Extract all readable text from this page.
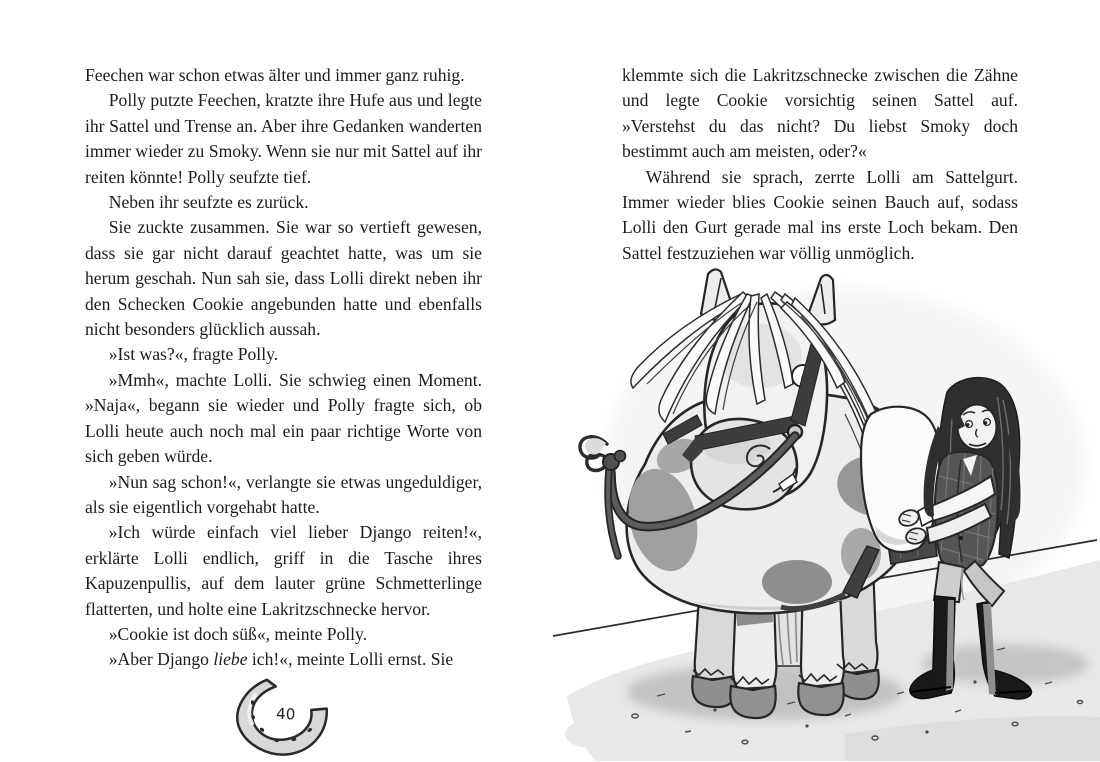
Feechen war schon etwas älter und immer ganz ruhig.

Polly putzte Feechen, kratzte ihre Hufe aus und legte ihr Sattel und Trense an. Aber ihre Gedanken wanderten immer wieder zu Smoky. Wenn sie nur mit Sattel auf ihr reiten könnte! Polly seufzte tief.

Neben ihr seufzte es zurück.

Sie zuckte zusammen. Sie war so vertieft gewesen, dass sie gar nicht darauf geachtet hatte, was um sie herum geschah. Nun sah sie, dass Lolli direkt neben ihr den Schecken Cookie angebunden hatte und ebenfalls nicht besonders glücklich aussah.

»Ist was?«, fragte Polly.

»Mmh«, machte Lolli. Sie schwieg einen Moment. »Naja«, begann sie wieder und Polly fragte sich, ob Lolli heute auch noch mal ein paar richtige Worte von sich geben würde.

»Nun sag schon!«, verlangte sie etwas ungeduldiger, als sie eigentlich vorgehabt hatte.

»Ich würde einfach viel lieber Django reiten!«, erklärte Lolli endlich, griff in die Tasche ihres Kapuzenpullis, auf dem lauter grüne Schmetterlinge flatterten, und holte eine Lakritzschnecke hervor.

»Cookie ist doch süß«, meinte Polly.

»Aber Django liebe ich!«, meinte Lolli ernst. Sie

klemmte sich die Lakritzschnecke zwischen die Zähne und legte Cookie vorsichtig seinen Sattel auf. »Verstehst du das nicht? Du liebst Smoky doch bestimmt auch am meisten, oder?«

Während sie sprach, zerrte Lolli am Sattelgurt. Immer wieder blies Cookie seinen Bauch auf, sodass Lolli den Gurt gerade mal ins erste Loch bekam. Den Sattel festzuziehen war völlig unmöglich.

40
